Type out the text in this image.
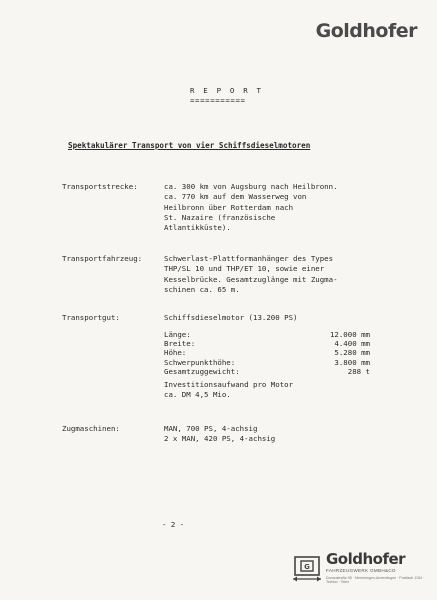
Goldhofer
R E P O R T
===========
Spektakulärer Transport von vier Schiffsdieselmotoren
Transportstrecke:	ca. 300 km von Augsburg nach Heilbronn.
ca. 770 km auf dem Wasserweg von
Heilbronn über Rotterdam nach
St. Nazaire (französische
Atlantikküste).
Transportfahrzeug:	Schwerlast-Plattformanhänger des Types
THP/SL 10 und THP/ET 10, sowie einer
Kesselbrücke. Gesamtzuglänge mit Zugma-
schinen ca. 65 m.
Transportgut:	Schiffsdieselmotor (13.200 PS)
Länge:	12.000 mm
Breite:	4.400 mm
Höhe:	5.280 mm
Schwerpunkthöhe:	3.800 mm
Gesamtzuggewicht:	288 t
Investitionsaufwand pro Motor
ca. DM 4,5 Mio.
Zugmaschinen:	MAN, 700 PS, 4-achsig
2 x MAN, 420 PS, 4-achsig
- 2 -
G Goldhofer
FAHRZEUGWERK GMBH&CO
Donaustraße 95 · Memmingen-Amendingen · Postfach 1154 · Telefon · Telex
